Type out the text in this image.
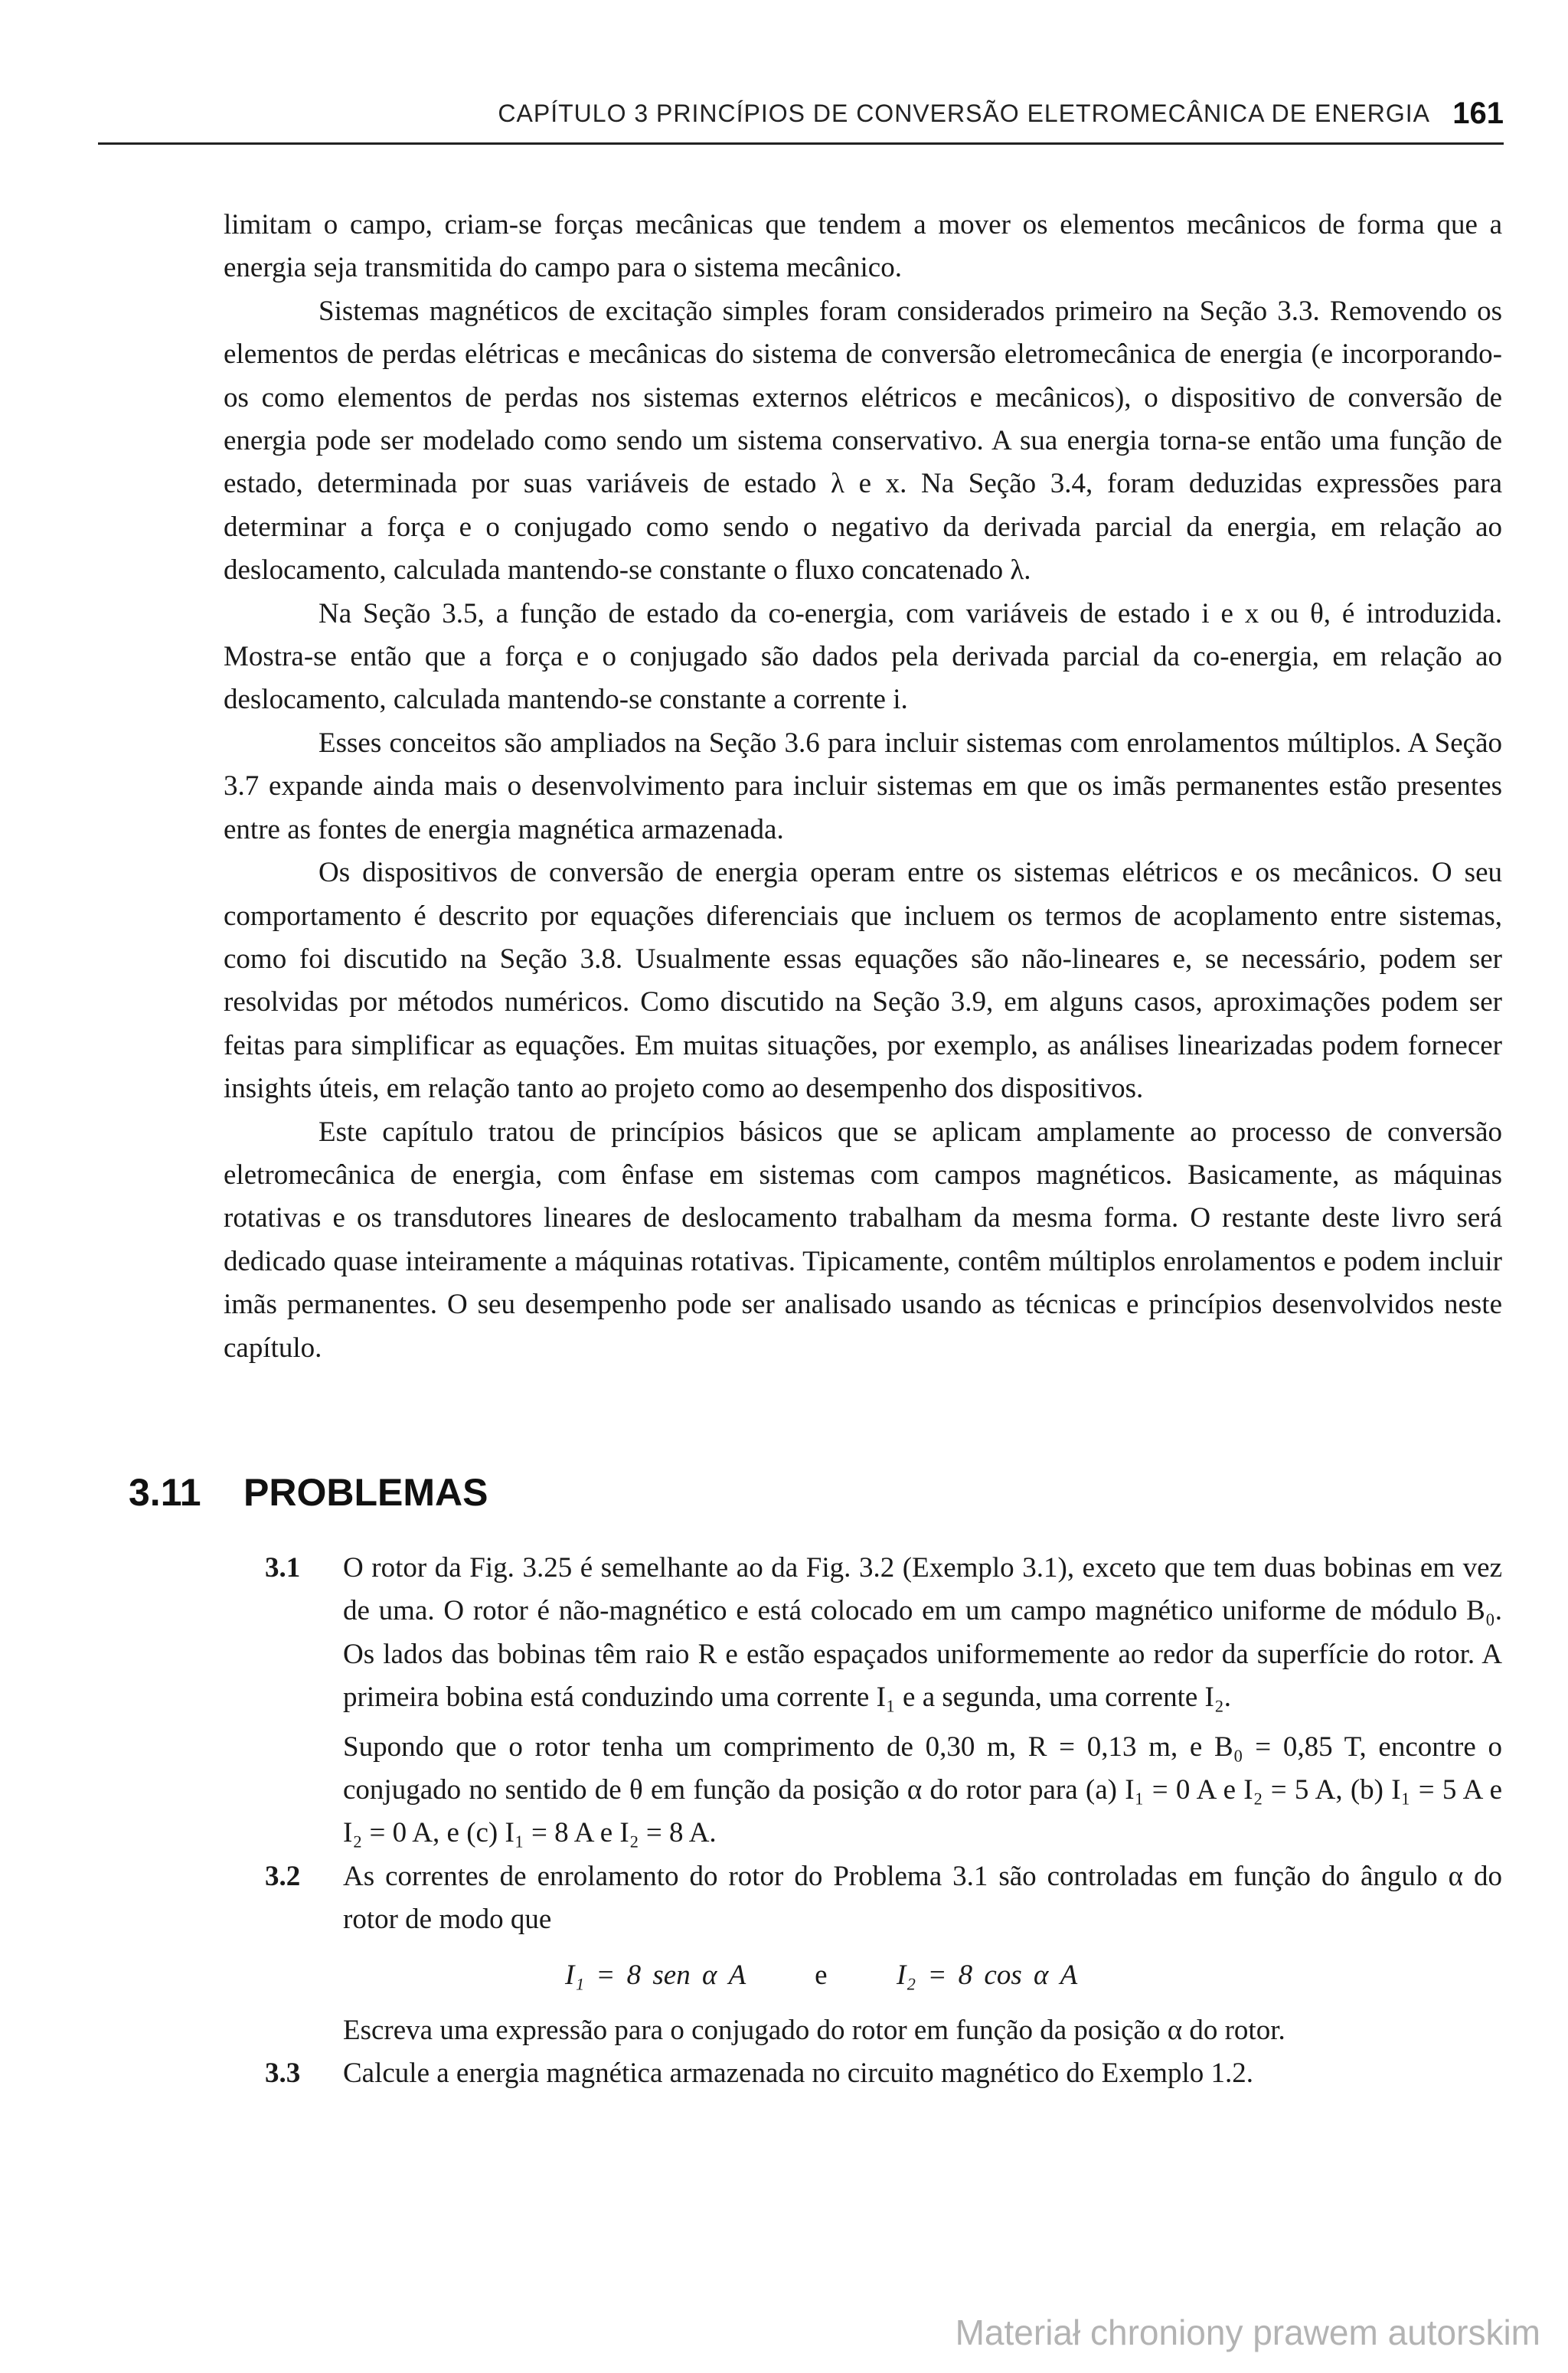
CAPÍTULO 3 PRINCÍPIOS DE CONVERSÃO ELETROMECÂNICA DE ENERGIA 161

limitam o campo, criam-se forças mecânicas que tendem a mover os elementos mecânicos de forma que a energia seja transmitida do campo para o sistema mecânico.

Sistemas magnéticos de excitação simples foram considerados primeiro na Seção 3.3. Removendo os elementos de perdas elétricas e mecânicas do sistema de conversão eletromecânica de energia (e incorporando-os como elementos de perdas nos sistemas externos elétricos e mecânicos), o dispositivo de conversão de energia pode ser modelado como sendo um sistema conservativo. A sua energia torna-se então uma função de estado, determinada por suas variáveis de estado λ e x. Na Seção 3.4, foram deduzidas expressões para determinar a força e o conjugado como sendo o negativo da derivada parcial da energia, em relação ao deslocamento, calculada mantendo-se constante o fluxo concatenado λ.

Na Seção 3.5, a função de estado da co-energia, com variáveis de estado i e x ou θ, é introduzida. Mostra-se então que a força e o conjugado são dados pela derivada parcial da co-energia, em relação ao deslocamento, calculada mantendo-se constante a corrente i.

Esses conceitos são ampliados na Seção 3.6 para incluir sistemas com enrolamentos múltiplos. A Seção 3.7 expande ainda mais o desenvolvimento para incluir sistemas em que os imãs permanentes estão presentes entre as fontes de energia magnética armazenada.

Os dispositivos de conversão de energia operam entre os sistemas elétricos e os mecânicos. O seu comportamento é descrito por equações diferenciais que incluem os termos de acoplamento entre sistemas, como foi discutido na Seção 3.8. Usualmente essas equações são não-lineares e, se necessário, podem ser resolvidas por métodos numéricos. Como discutido na Seção 3.9, em alguns casos, aproximações podem ser feitas para simplificar as equações. Em muitas situações, por exemplo, as análises linearizadas podem fornecer insights úteis, em relação tanto ao projeto como ao desempenho dos dispositivos.

Este capítulo tratou de princípios básicos que se aplicam amplamente ao processo de conversão eletromecânica de energia, com ênfase em sistemas com campos magnéticos. Basicamente, as máquinas rotativas e os transdutores lineares de deslocamento trabalham da mesma forma. O restante deste livro será dedicado quase inteiramente a máquinas rotativas. Tipicamente, contêm múltiplos enrolamentos e podem incluir imãs permanentes. O seu desempenho pode ser analisado usando as técnicas e princípios desenvolvidos neste capítulo.

3.11 PROBLEMAS
3.1 O rotor da Fig. 3.25 é semelhante ao da Fig. 3.2 (Exemplo 3.1), exceto que tem duas bobinas em vez de uma. O rotor é não-magnético e está colocado em um campo magnético uniforme de módulo B₀. Os lados das bobinas têm raio R e estão espaçados uniformemente ao redor da superfície do rotor. A primeira bobina está conduzindo uma corrente I₁ e a segunda, uma corrente I₂.

Supondo que o rotor tenha um comprimento de 0,30 m, R = 0,13 m, e B₀ = 0,85 T, encontre o conjugado no sentido de θ em função da posição α do rotor para (a) I₁ = 0 A e I₂ = 5 A, (b) I₁ = 5 A e I₂ = 0 A, e (c) I₁ = 8 A e I₂ = 8 A.

3.2 As correntes de enrolamento do rotor do Problema 3.1 são controladas em função do ângulo α do rotor de modo que

I₁ = 8 sen α A e I₂ = 8 cos α A

Escreva uma expressão para o conjugado do rotor em função da posição α do rotor.

3.3 Calcule a energia magnética armazenada no circuito magnético do Exemplo 1.2.

Materiał chroniony prawem autorskim
